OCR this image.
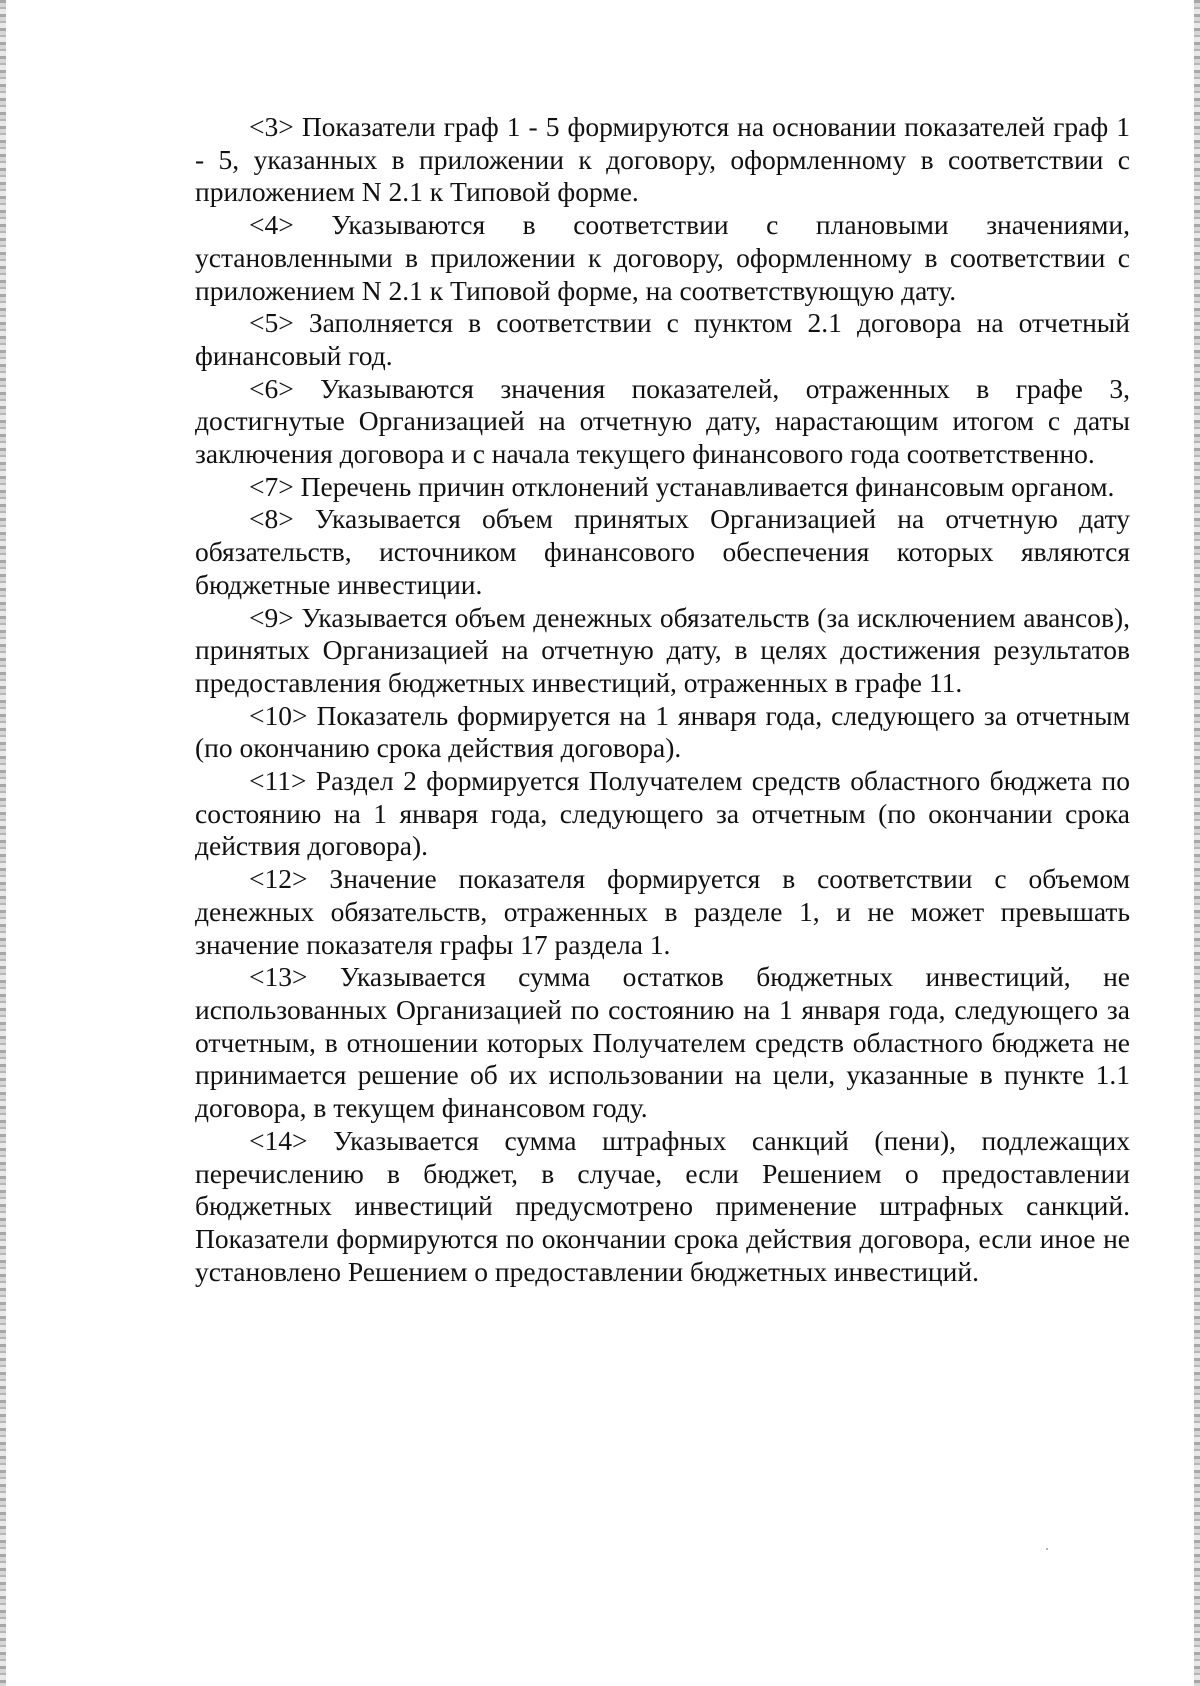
<3> Показатели граф 1 - 5 формируются на основании показателей граф 1 - 5, указанных в приложении к договору, оформленному в соответствии с приложением N 2.1 к Типовой форме.

<4> Указываются в соответствии с плановыми значениями, установленными в приложении к договору, оформленному в соответствии с приложением N 2.1 к Типовой форме, на соответствующую дату.

<5> Заполняется в соответствии с пунктом 2.1 договора на отчетный финансовый год.

<6> Указываются значения показателей, отраженных в графе 3, достигнутые Организацией на отчетную дату, нарастающим итогом с даты заключения договора и с начала текущего финансового года соответственно.

<7> Перечень причин отклонений устанавливается финансовым органом.

<8> Указывается объем принятых Организацией на отчетную дату обязательств, источником финансового обеспечения которых являются бюджетные инвестиции.

<9> Указывается объем денежных обязательств (за исключением авансов), принятых Организацией на отчетную дату, в целях достижения результатов предоставления бюджетных инвестиций, отраженных в графе 11.

<10> Показатель формируется на 1 января года, следующего за отчетным (по окончанию срока действия договора).

<11> Раздел 2 формируется Получателем средств областного бюджета по состоянию на 1 января года, следующего за отчетным (по окончании срока действия договора).

<12> Значение показателя формируется в соответствии с объемом денежных обязательств, отраженных в разделе 1, и не может превышать значение показателя графы 17 раздела 1.

<13> Указывается сумма остатков бюджетных инвестиций, не использованных Организацией по состоянию на 1 января года, следующего за отчетным, в отношении которых Получателем средств областного бюджета не принимается решение об их использовании на цели, указанные в пункте 1.1 договора, в текущем финансовом году.

<14> Указывается сумма штрафных санкций (пени), подлежащих перечислению в бюджет, в случае, если Решением о предоставлении бюджетных инвестиций предусмотрено применение штрафных санкций. Показатели формируются по окончании срока действия договора, если иное не установлено Решением о предоставлении бюджетных инвестиций.
